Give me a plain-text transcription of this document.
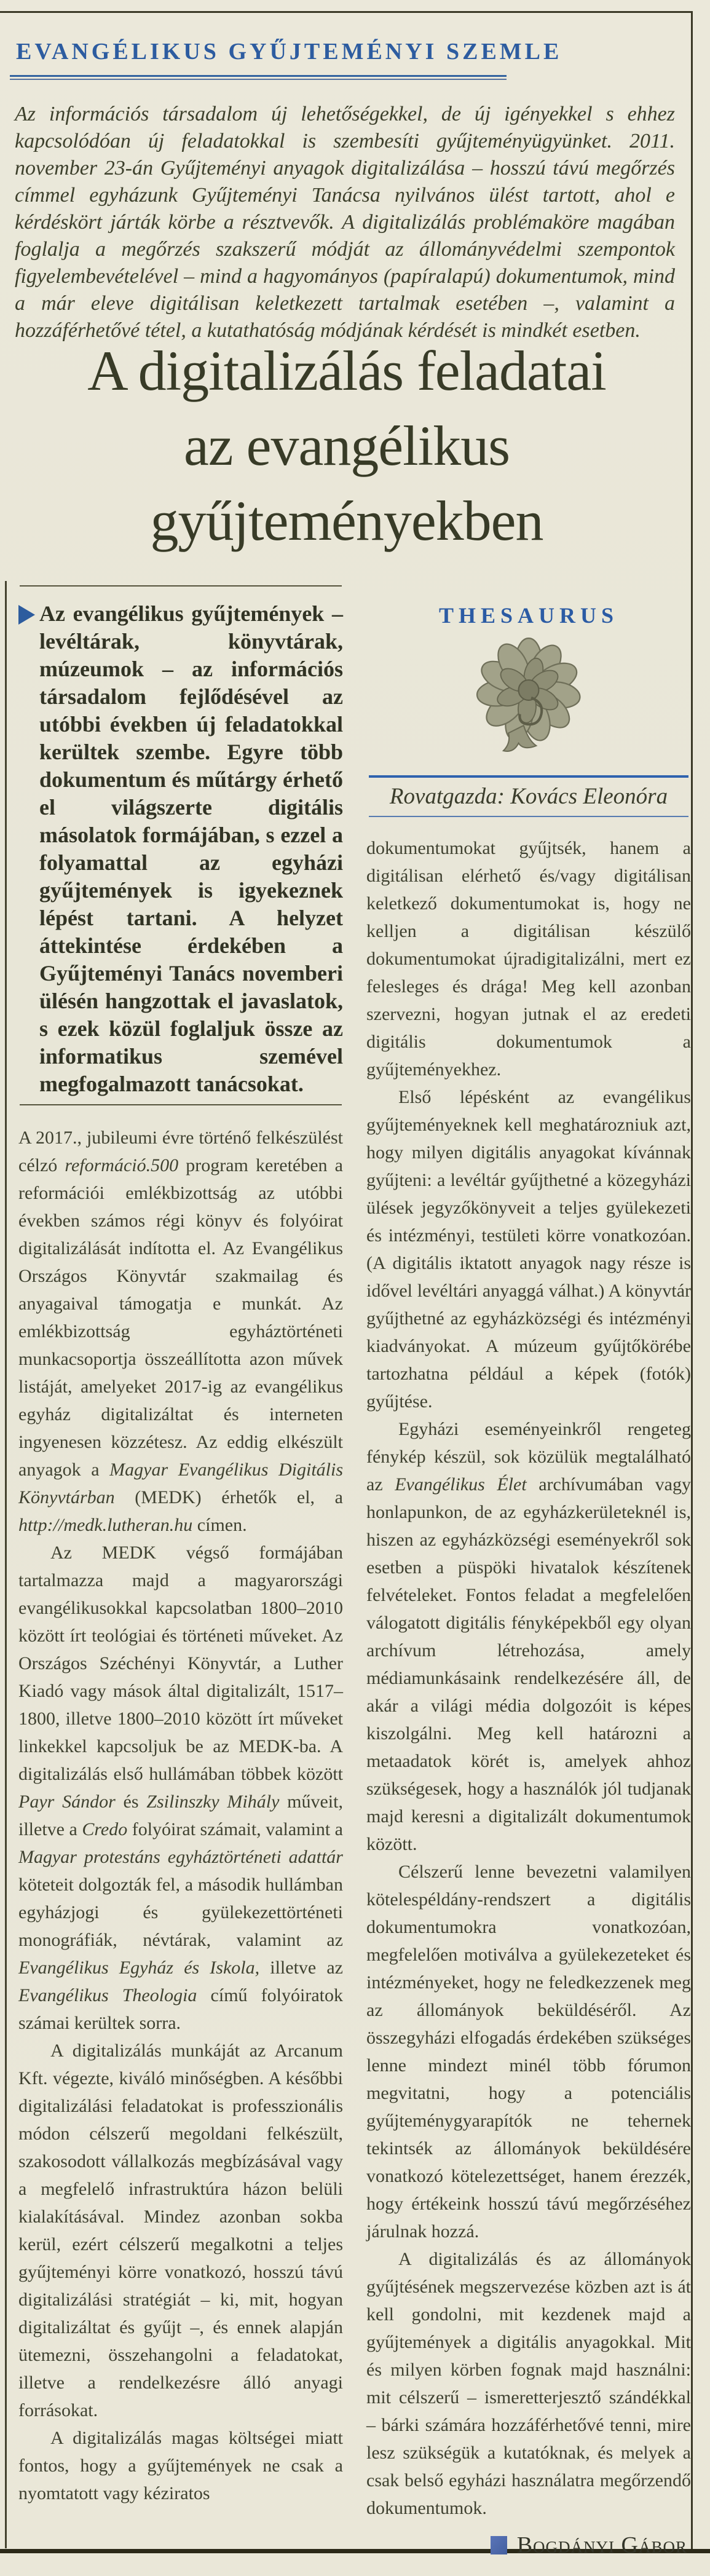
EVANGÉLIKUS GYŰJTEMÉNYI SZEMLE

Az információs társadalom új lehetőségekkel, de új igényekkel s ehhez kapcsolódóan új feladatokkal is szembesíti gyűjteményügyünket. 2011. november 23-án Gyűjteményi anyagok digitalizálása – hosszú távú megőrzés címmel egyházunk Gyűjteményi Tanácsa nyilvános ülést tartott, ahol e kérdéskört járták körbe a résztvevők. A digitalizálás problémaköre magában foglalja a megőrzés szakszerű módját az állományvédelmi szempontok figyelembevételével – mind a hagyományos (papíralapú) dokumentumok, mind a már eleve digitálisan keletkezett tartalmak esetében –, valamint a hozzáférhetővé tétel, a kutathatóság módjának kérdését is mindkét esetben.

A digitalizálás feladatai
az evangélikus
gyűjteményekben

Az evangélikus gyűjtemények – levéltárak, könyvtárak, múzeumok – az információs társadalom fejlődésével az utóbbi években új feladatokkal kerültek szembe. Egyre több dokumentum és műtárgy érhető el világszerte digitális másolatok formájában, s ezzel a folyamattal az egyházi gyűjtemények is igyekeznek lépést tartani. A helyzet áttekintése érdekében a Gyűjteményi Tanács novemberi ülésén hangzottak el javaslatok, s ezek közül foglaljuk össze az informatikus szemével megfogalmazott tanácsokat.

A 2017., jubileumi évre történő felkészülést célzó reformáció.500 program keretében a reformációi emlékbizottság az utóbbi években számos régi könyv és folyóirat digitalizálását indította el. Az Evangélikus Országos Könyvtár szakmailag és anyagaival támogatja e munkát. Az emlékbizottság egyháztörténeti munkacsoportja összeállította azon művek listáját, amelyeket 2017-ig az evangélikus egyház digitalizáltat és interneten ingyenesen közzétesz. Az eddig elkészült anyagok a Magyar Evangélikus Digitális Könyvtárban (MEDK) érhetők el, a http://medk.lutheran.hu címen.

Az MEDK végső formájában tartalmazza majd a magyarországi evangélikusokkal kapcsolatban 1800–2010 között írt teológiai és történeti műveket. Az Országos Széchényi Könyvtár, a Luther Kiadó vagy mások által digitalizált, 1517–1800, illetve 1800–2010 között írt műveket linkekkel kapcsoljuk be az MEDK-ba. A digitalizálás első hullámában többek között Payr Sándor és Zsilinszky Mihály műveit, illetve a Credo folyóirat számait, valamint a Magyar protestáns egyháztörténeti adattár köteteit dolgozták fel, a második hullámban egyházjogi és gyülekezettörténeti monográfiák, névtárak, valamint az Evangélikus Egyház és Iskola, illetve az Evangélikus Theologia című folyóiratok számai kerültek sorra.

A digitalizálás munkáját az Arcanum Kft. végezte, kiváló minőségben. A későbbi digitalizálási feladatokat is professzionális módon célszerű megoldani felkészült, szakosodott vállalkozás megbízásával vagy a megfelelő infrastruktúra házon belüli kialakításával. Mindez azonban sokba kerül, ezért célszerű megalkotni a teljes gyűjteményi körre vonatkozó, hosszú távú digitalizálási stratégiát – ki, mit, hogyan digitalizáltat és gyűjt –, és ennek alapján ütemezni, összehangolni a feladatokat, illetve a rendelkezésre álló anyagi forrásokat.

A digitalizálás magas költségei miatt fontos, hogy a gyűjtemények ne csak a nyomtatott vagy kéziratos

THESAURUS
Rovatgazda: Kovács Eleonóra

dokumentumokat gyűjtsék, hanem a digitálisan elérhető és/vagy digitálisan keletkező dokumentumokat is, hogy ne kelljen a digitálisan készülő dokumentumokat újradigitalizálni, mert ez felesleges és drága! Meg kell azonban szervezni, hogyan jutnak el az eredeti digitális dokumentumok a gyűjteményekhez.

Első lépésként az evangélikus gyűjteményeknek kell meghatározniuk azt, hogy milyen digitális anyagokat kívánnak gyűjteni: a levéltár gyűjthetné a közegyházi ülések jegyzőkönyveit a teljes gyülekezeti és intézményi, testületi körre vonatkozóan. (A digitális iktatott anyagok nagy része is idővel levéltári anyaggá válhat.) A könyvtár gyűjthetné az egyházközségi és intézményi kiadványokat. A múzeum gyűjtőkörébe tartozhatna például a képek (fotók) gyűjtése.

Egyházi eseményeinkről rengeteg fénykép készül, sok közülük megtalálható az Evangélikus Élet archívumában vagy honlapunkon, de az egyházkerületeknél is, hiszen az egyházközségi eseményekről sok esetben a püspöki hivatalok készítenek felvételeket. Fontos feladat a megfelelően válogatott digitális fényképekből egy olyan archívum létrehozása, amely médiamunkásaink rendelkezésére áll, de akár a világi média dolgozóit is képes kiszolgálni. Meg kell határozni a metaadatok körét is, amelyek ahhoz szükségesek, hogy a használók jól tudjanak majd keresni a digitalizált dokumentumok között.

Célszerű lenne bevezetni valamilyen kötelespéldány-rendszert a digitális dokumentumokra vonatkozóan, megfelelően motiválva a gyülekezeteket és intézményeket, hogy ne feledkezzenek meg az állományok beküldéséről. Az összegyházi elfogadás érdekében szükséges lenne mindezt minél több fórumon megvitatni, hogy a potenciális gyűjteménygyarapítók ne tehernek tekintsék az állományok beküldésére vonatkozó kötelezettséget, hanem érezzék, hogy értékeink hosszú távú megőrzéséhez járulnak hozzá.

A digitalizálás és az állományok gyűjtésének megszervezése közben azt is át kell gondolni, mit kezdenek majd a gyűjtemények a digitális anyagokkal. Mit és milyen körben fognak majd használni: mit célszerű – ismeretterjesztő szándékkal – bárki számára hozzáférhetővé tenni, mire lesz szükségük a kutatóknak, és melyek a csak belső egyházi használatra megőrzendő dokumentumok.

Bogdányi Gábor
